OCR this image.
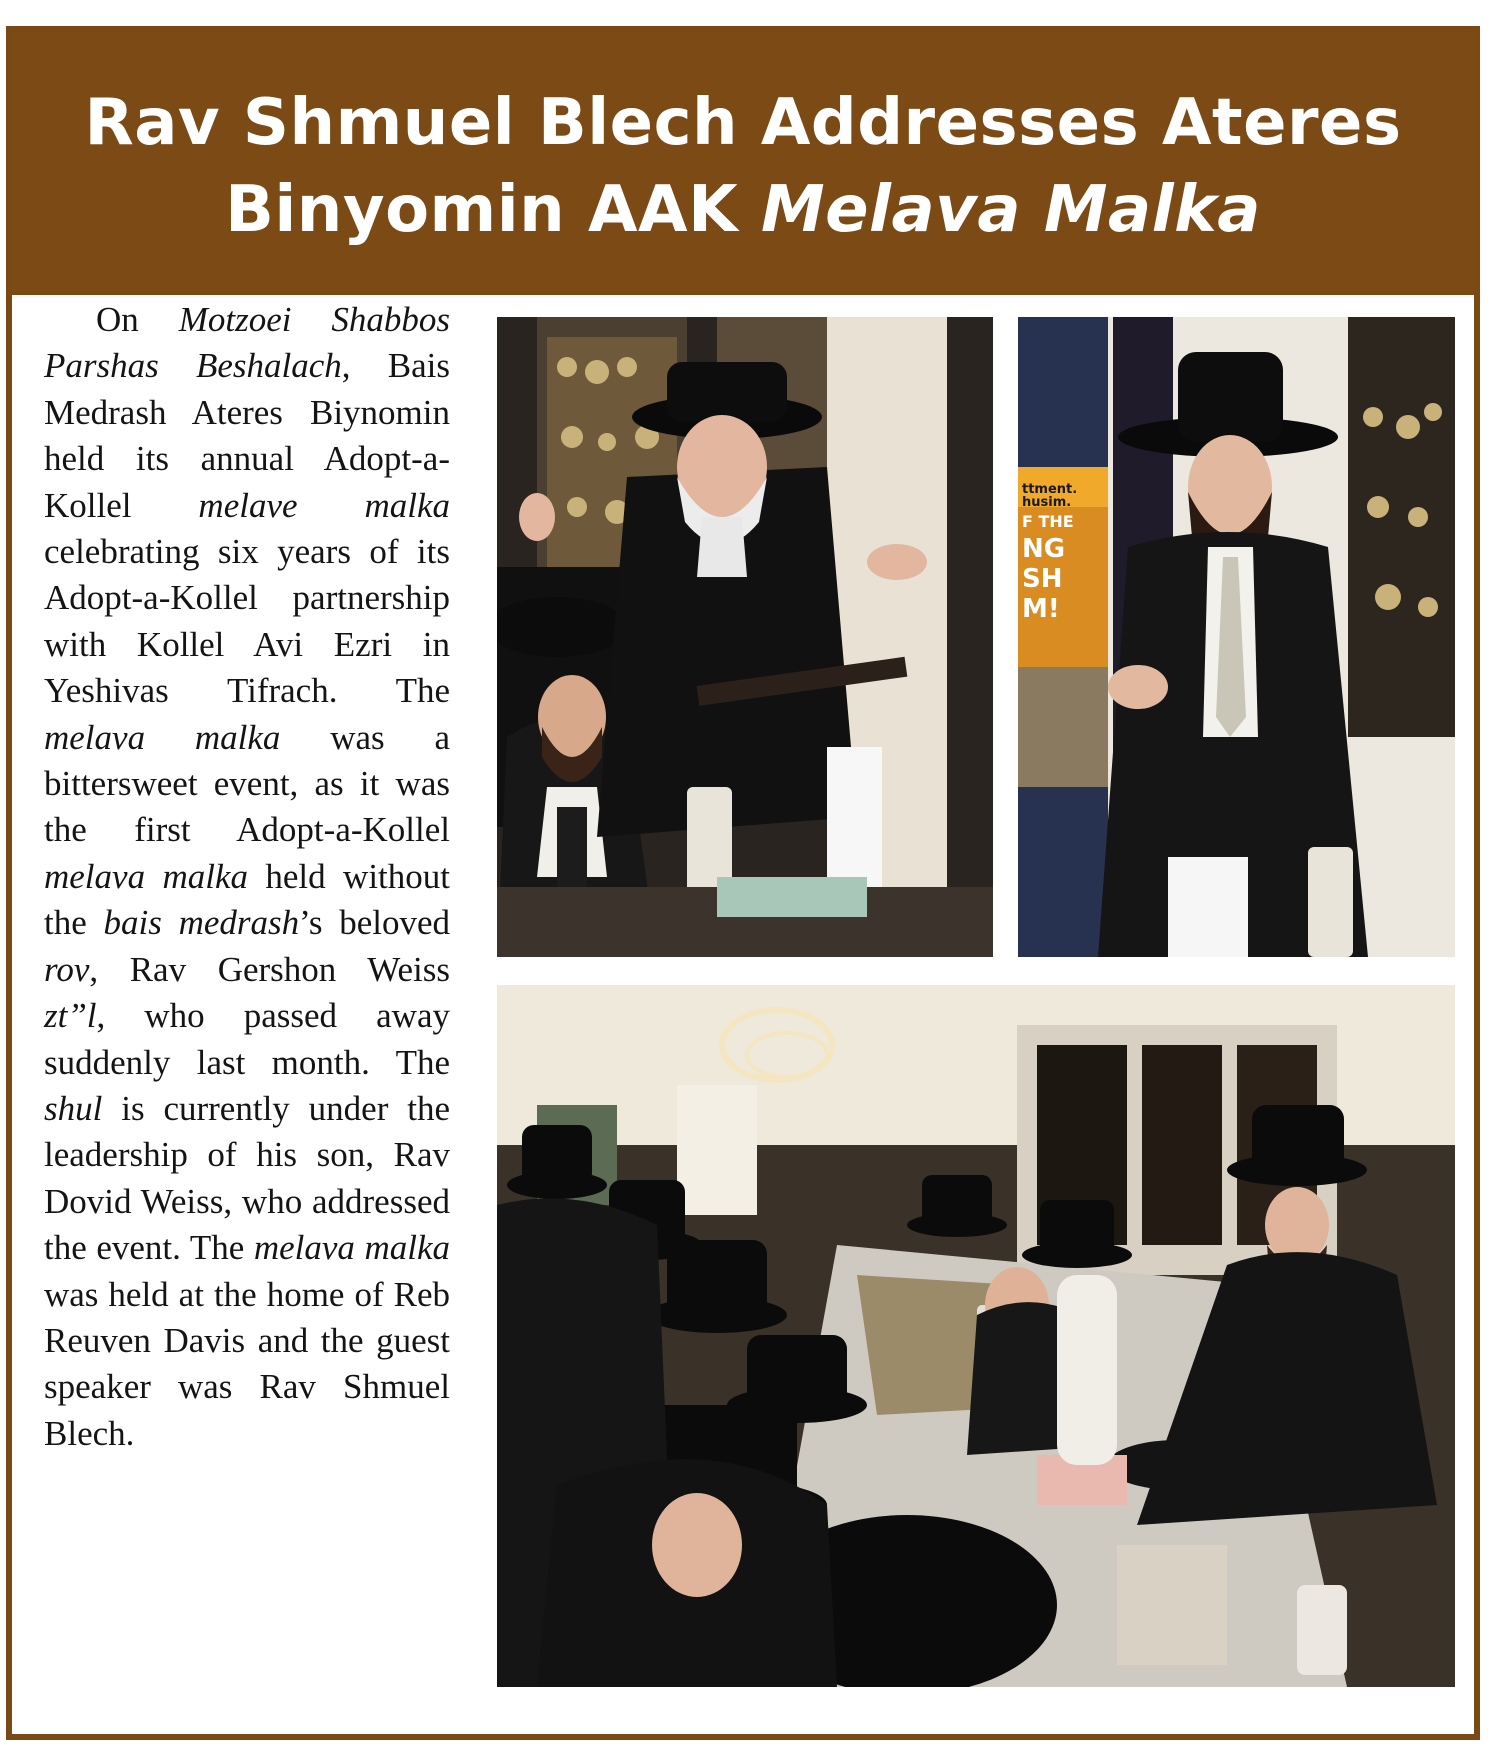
Rav Shmuel Blech Addresses Ateres
Binyomin AAK Melava Malka

On Motzoei Shabbos Parshas Beshalach, Bais Medrash Ateres Biynomin held its annual Adopt-a-Kollel melave malka celebrating six years of its Adopt-a-Kollel partnership with Kollel Avi Ezri in Yeshivas Tifrach. The melava malka was a bittersweet event, as it was the first Adopt-a-Kollel melava malka held without the bais medrash’s beloved rov, Rav Gershon Weiss zt”l, who passed away suddenly last month. The shul is currently under the leadership of his son, Rav Dovid Weiss, who addressed the event. The melava malka was held at the home of Reb Reuven Davis and the guest speaker was Rav Shmuel Blech.

ttment.
husim.
F THE
NG
SH
M!
